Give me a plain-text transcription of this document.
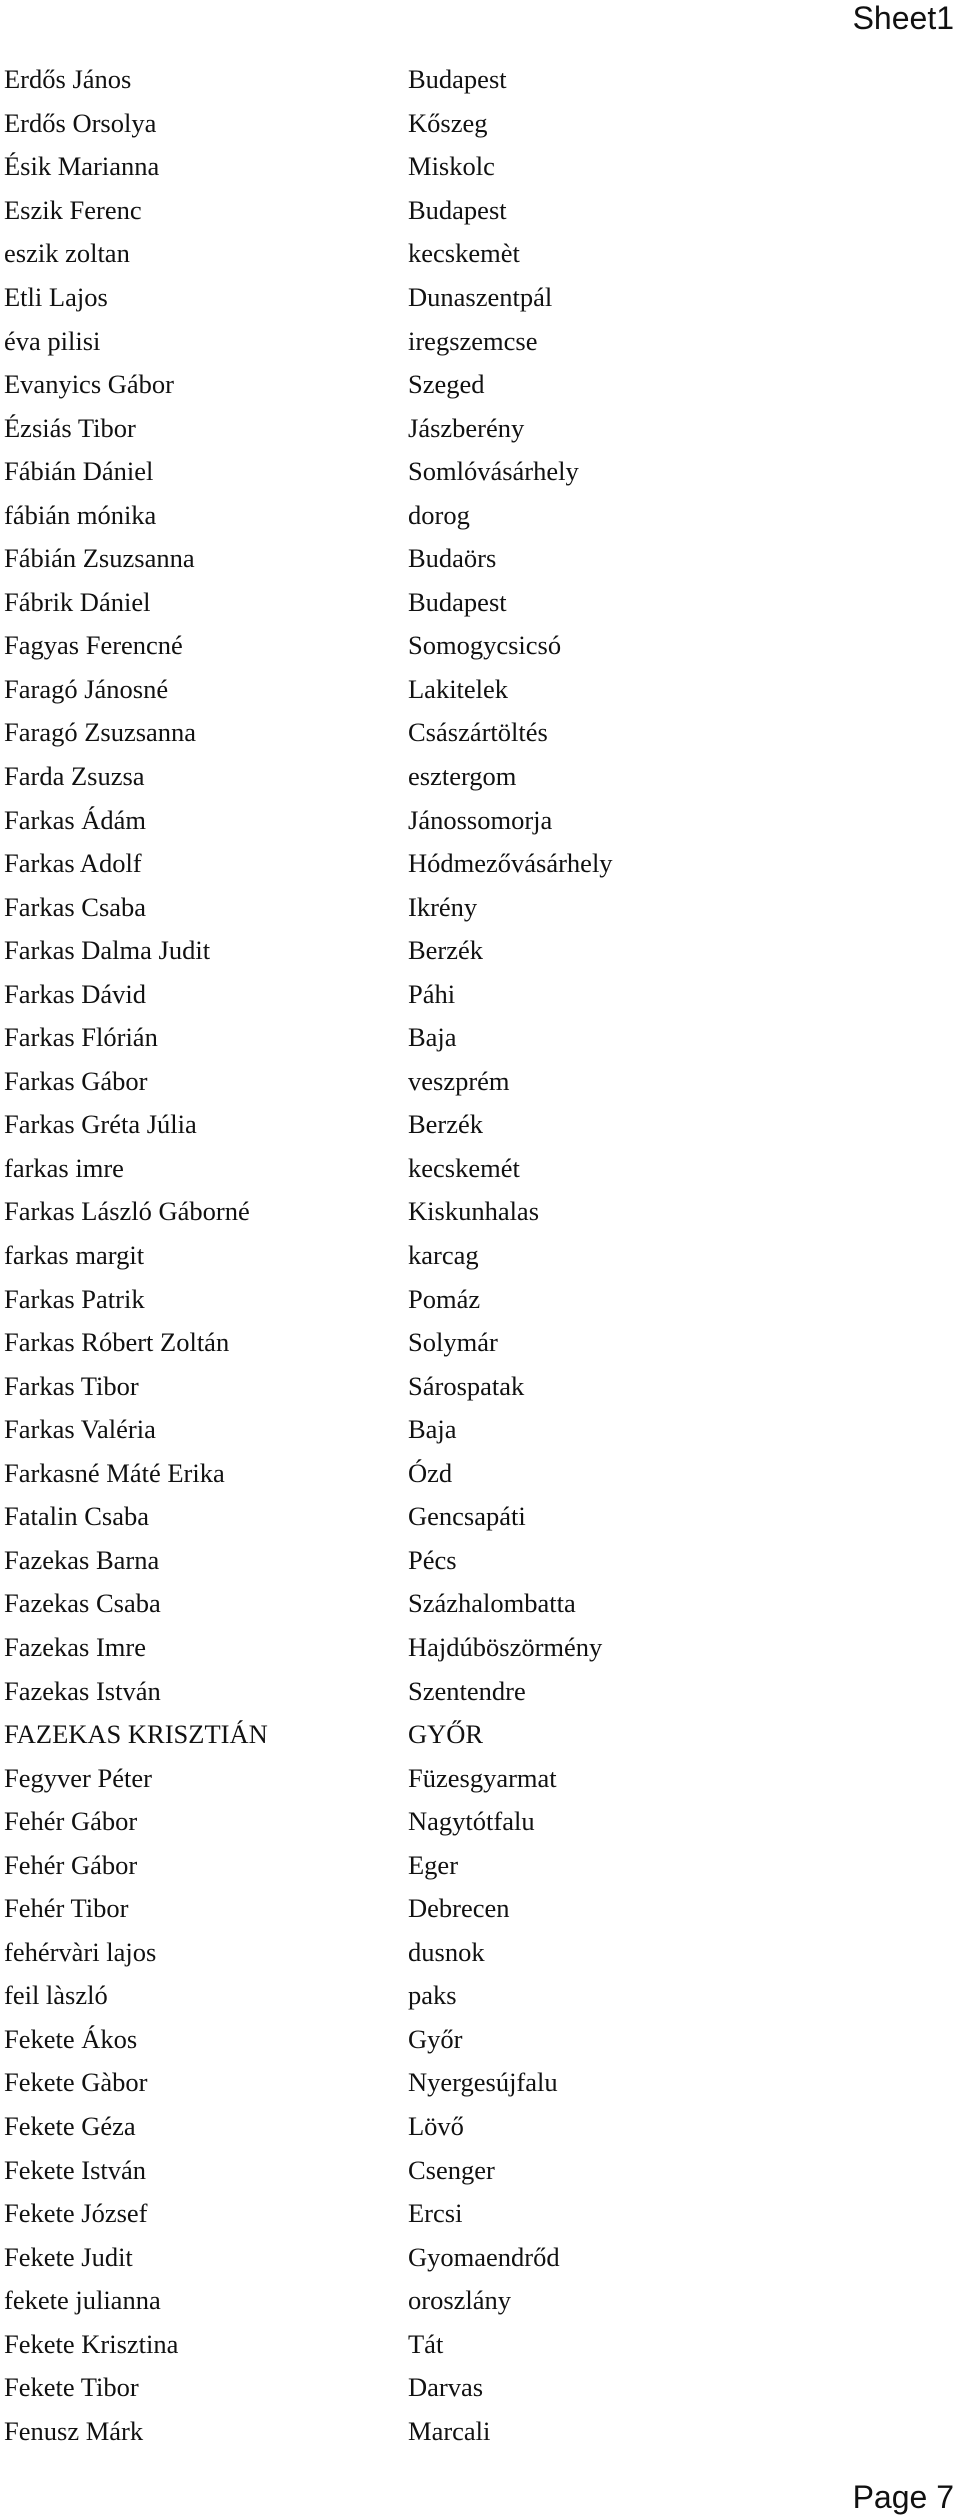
Sheet1
Erdős János	Budapest
Erdős Orsolya	Kőszeg
Ésik Marianna	Miskolc
Eszik Ferenc	Budapest
eszik zoltan	kecskemèt
Etli Lajos	Dunaszentpál
éva pilisi	iregszemcse
Evanyics Gábor	Szeged
Ézsiás Tibor	Jászberény
Fábián Dániel	Somlóvásárhely
fábián mónika	dorog
Fábián Zsuzsanna	Budaörs
Fábrik Dániel	Budapest
Fagyas Ferencné	Somogycsicsó
Faragó Jánosné	Lakitelek
Faragó Zsuzsanna	Császártöltés
Farda Zsuzsa	esztergom
Farkas Ádám	Jánossomorja
Farkas Adolf	Hódmezővásárhely
Farkas Csaba	Ikrény
Farkas Dalma Judit	Berzék
Farkas Dávid	Páhi
Farkas Flórián	Baja
Farkas Gábor	veszprém
Farkas Gréta Júlia	Berzék
farkas imre	kecskemét
Farkas László Gáborné	Kiskunhalas
farkas margit	karcag
Farkas Patrik	Pomáz
Farkas Róbert Zoltán	Solymár
Farkas Tibor	Sárospatak
Farkas Valéria	Baja
Farkasné Máté Erika	Ózd
Fatalin Csaba	Gencsapáti
Fazekas Barna	Pécs
Fazekas Csaba	Százhalombatta
Fazekas Imre	Hajdúböszörmény
Fazekas István	Szentendre
FAZEKAS KRISZTIÁN	GYŐR
Fegyver Péter	Füzesgyarmat
Fehér Gábor	Nagytótfalu
Fehér Gábor	Eger
Fehér Tibor	Debrecen
fehérvàri lajos	dusnok
feil làszló	paks
Fekete Ákos	Győr
Fekete Gàbor	Nyergesújfalu
Fekete Géza	Lövő
Fekete István	Csenger
Fekete József	Ercsi
Fekete Judit	Gyomaendrőd
fekete julianna	oroszlány
Fekete Krisztina	Tát
Fekete Tibor	Darvas
Fenusz Márk	Marcali
Page 7
